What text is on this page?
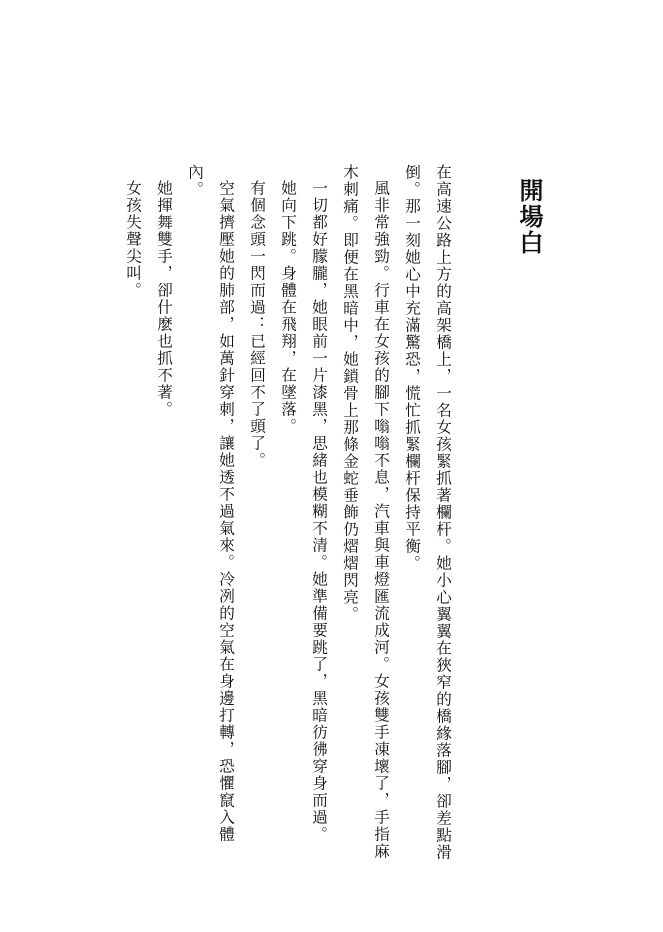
開場白

在高速公路上方的高架橋上，一名女孩緊抓著欄杆。她小心翼翼在狹窄的橋緣落腳，卻差點滑倒。那一刻她心中充滿驚恐，慌忙抓緊欄杆保持平衡。

風非常強勁。行車在女孩的腳下嗡嗡不息，汽車與車燈匯流成河。女孩雙手凍壞了，手指麻木刺痛。即便在黑暗中，她鎖骨上那條金蛇垂飾仍熠熠閃亮。

一切都好朦朧，她眼前一片漆黑，思緒也模糊不清。她準備要跳了，黑暗彷彿穿身而過。

她向下跳。身體在飛翔，在墜落。

有個念頭一閃而過：已經回不了頭了。

空氣擠壓她的肺部，如萬針穿刺，讓她透不過氣來。冷冽的空氣在身邊打轉，恐懼竄入體內。

她揮舞雙手，卻什麼也抓不著。

女孩失聲尖叫。
